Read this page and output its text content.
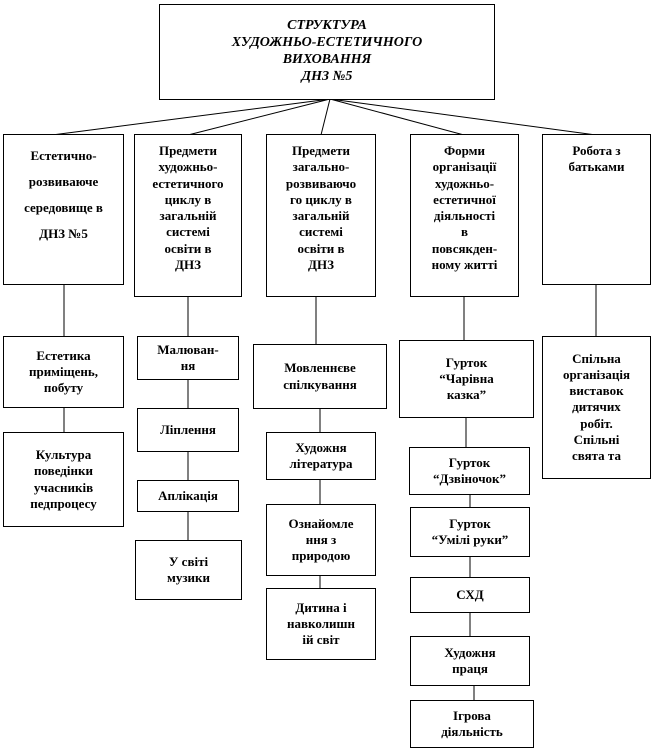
СТРУКТУРА
ХУДОЖНЬО-ЕСТЕТИЧНОГО
ВИХОВАННЯ
ДНЗ №5
Естетично-
розвиваюче
середовище в
ДНЗ №5
Предмети
художньо-
естетичного
циклу в
загальній
системі
освіти в
ДНЗ
Предмети
загально-
розвиваючо
го циклу в
загальній
системі
освіти в
ДНЗ
Форми
організації
художньо-
естетичної
діяльності
в
повсякден-
ному житті
Робота з
батьками
Естетика
приміщень,
побуту
Культура
поведінки
учасників
педпроцесу
Малюван-
ня
Ліплення
Аплікація
У світі
музики
Мовленнєве
спілкування
Художня
література
Ознайомле
ння з
природою
Дитина і
навколишн
ій світ
Гурток
“Чарівна
казка”
Гурток
“Дзвіночок”
Гурток
“Умілі руки”
СХД
Художня
праця
Ігрова
діяльність
Спільна
організація
виставок
дитячих
робіт.
Спільні
свята та
